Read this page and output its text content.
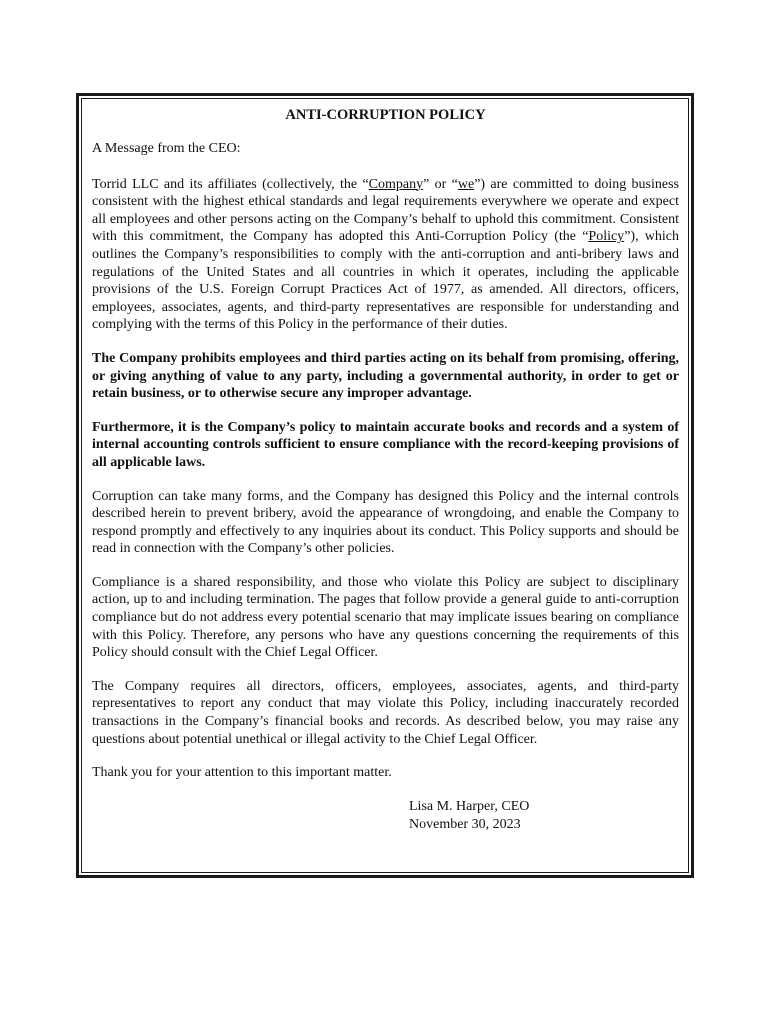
ANTI-CORRUPTION POLICY

A Message from the CEO:

Torrid LLC and its affiliates (collectively, the “Company” or “we”) are committed to doing business consistent with the highest ethical standards and legal requirements everywhere we operate and expect all employees and other persons acting on the Company’s behalf to uphold this commitment. Consistent with this commitment, the Company has adopted this Anti-Corruption Policy (the “Policy”), which outlines the Company’s responsibilities to comply with the anti-corruption and anti-bribery laws and regulations of the United States and all countries in which it operates, including the applicable provisions of the U.S. Foreign Corrupt Practices Act of 1977, as amended. All directors, officers, employees, associates, agents, and third-party representatives are responsible for understanding and complying with the terms of this Policy in the performance of their duties.

The Company prohibits employees and third parties acting on its behalf from promising, offering, or giving anything of value to any party, including a governmental authority, in order to get or retain business, or to otherwise secure any improper advantage.

Furthermore, it is the Company’s policy to maintain accurate books and records and a system of internal accounting controls sufficient to ensure compliance with the record-keeping provisions of all applicable laws.

Corruption can take many forms, and the Company has designed this Policy and the internal controls described herein to prevent bribery, avoid the appearance of wrongdoing, and enable the Company to respond promptly and effectively to any inquiries about its conduct. This Policy supports and should be read in connection with the Company’s other policies.

Compliance is a shared responsibility, and those who violate this Policy are subject to disciplinary action, up to and including termination. The pages that follow provide a general guide to anti-corruption compliance but do not address every potential scenario that may implicate issues bearing on compliance with this Policy. Therefore, any persons who have any questions concerning the requirements of this Policy should consult with the Chief Legal Officer.

The Company requires all directors, officers, employees, associates, agents, and third-party representatives to report any conduct that may violate this Policy, including inaccurately recorded transactions in the Company’s financial books and records. As described below, you may raise any questions about potential unethical or illegal activity to the Chief Legal Officer.

Thank you for your attention to this important matter.

Lisa M. Harper, CEO
November 30, 2023
